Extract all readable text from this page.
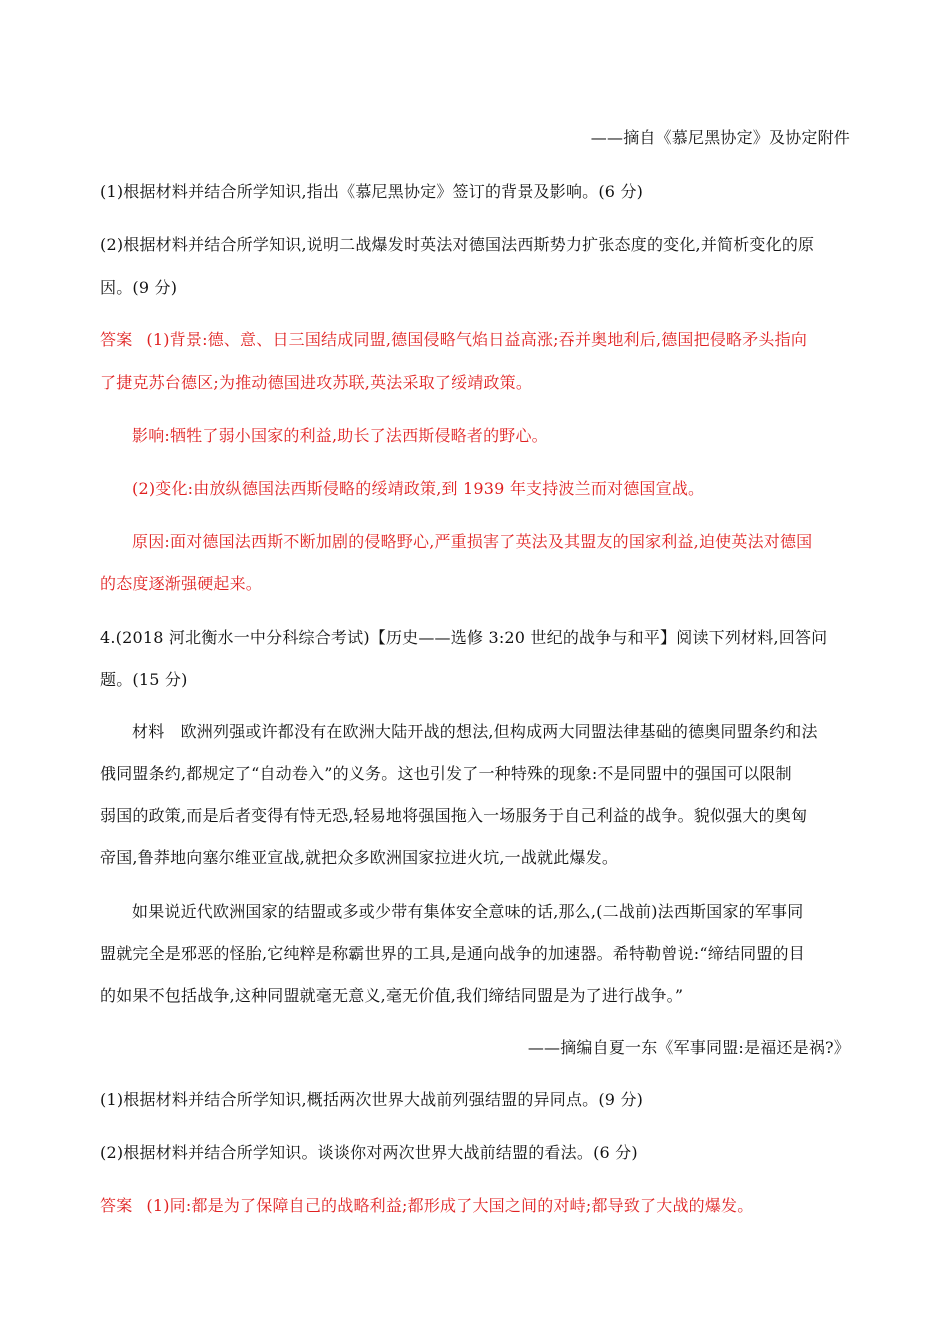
——摘自《慕尼黑协定》及协定附件
(1)根据材料并结合所学知识,指出《慕尼黑协定》签订的背景及影响。(6 分)
(2)根据材料并结合所学知识,说明二战爆发时英法对德国法西斯势力扩张态度的变化,并简析变化的原
因。(9 分)
答案 (1)背景:德、意、日三国结成同盟,德国侵略气焰日益高涨;吞并奥地利后,德国把侵略矛头指向
了捷克苏台德区;为推动德国进攻苏联,英法采取了绥靖政策。
影响:牺牲了弱小国家的利益,助长了法西斯侵略者的野心。
(2)变化:由放纵德国法西斯侵略的绥靖政策,到 1939 年支持波兰而对德国宣战。
原因:面对德国法西斯不断加剧的侵略野心,严重损害了英法及其盟友的国家利益,迫使英法对德国
的态度逐渐强硬起来。
4.(2018 河北衡水一中分科综合考试)【历史——选修 3:20 世纪的战争与和平】阅读下列材料,回答问
题。(15 分)
材料　欧洲列强或许都没有在欧洲大陆开战的想法,但构成两大同盟法律基础的德奥同盟条约和法
俄同盟条约,都规定了“自动卷入”的义务。这也引发了一种特殊的现象:不是同盟中的强国可以限制
弱国的政策,而是后者变得有恃无恐,轻易地将强国拖入一场服务于自己利益的战争。貌似强大的奥匈
帝国,鲁莽地向塞尔维亚宣战,就把众多欧洲国家拉进火坑,一战就此爆发。
如果说近代欧洲国家的结盟或多或少带有集体安全意味的话,那么,(二战前)法西斯国家的军事同
盟就完全是邪恶的怪胎,它纯粹是称霸世界的工具,是通向战争的加速器。希特勒曾说:“缔结同盟的目
的如果不包括战争,这种同盟就毫无意义,毫无价值,我们缔结同盟是为了进行战争。”
——摘编自夏一东《军事同盟:是福还是祸?》
(1)根据材料并结合所学知识,概括两次世界大战前列强结盟的异同点。(9 分)
(2)根据材料并结合所学知识。谈谈你对两次世界大战前结盟的看法。(6 分)
答案 (1)同:都是为了保障自己的战略利益;都形成了大国之间的对峙;都导致了大战的爆发。
